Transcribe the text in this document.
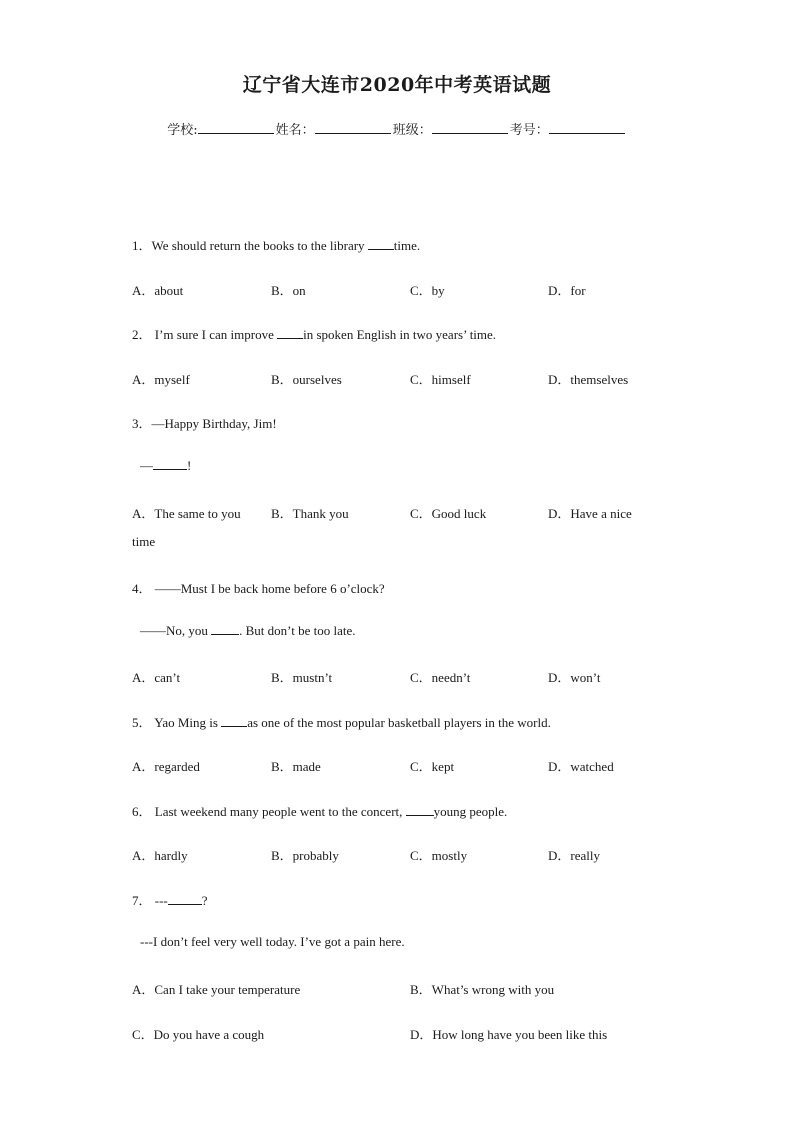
辽宁省大连市2020年中考英语试题
学校:	姓名：	班级：	考号：
1．We should return the books to the library time.
A．about	B．on	C．by	D．for
2． I’m sure I can improve in spoken English in two years’ time.
A．myself	B．ourselves	C．himself	D．themselves
3．—Happy Birthday, Jim!
—	!
A．The same to you B．Thank you	C．Good luck	D．Have a nice
time
4． ——Must I be back home before 6 o’clock?
——No, you . But don’t be too late.
A．can’t	B．mustn’t	C．needn’t	D．won’t
5． Yao Ming is as one of the most popular basketball players in the world.
A．regarded	B．made	C．kept	D．watched
6． Last weekend many people went to the concert, young people.
A．hardly	B．probably	C．mostly	D．really
7． ---	?
---I don’t feel very well today. I’ve got a pain here.
A．Can I take your temperature	B．What’s wrong with you
C．Do you have a cough	D．How long have you been like this
